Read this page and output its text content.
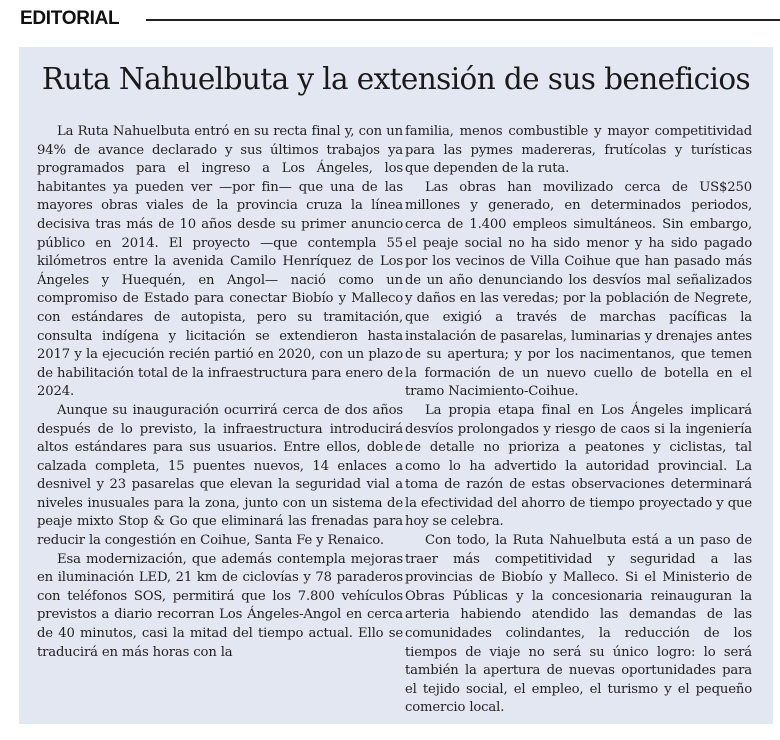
EDITORIAL
Ruta Nahuelbuta y la extensión de sus beneficios

La Ruta Nahuelbuta entró en su recta final y, con un 94% de avance declarado y sus últimos trabajos ya programados para el ingreso a Los Ángeles, los habitantes ya pueden ver —por fin— que una de las mayores obras viales de la provincia cruza la línea decisiva tras más de 10 años desde su primer anuncio público en 2014. El proyecto —que contempla 55 kilómetros entre la avenida Camilo Henríquez de Los Ángeles y Huequén, en Angol— nació como un compromiso de Estado para conectar Biobío y Malleco con estándares de autopista, pero su tramitación, consulta indígena y licitación se extendieron hasta 2017 y la ejecución recién partió en 2020, con un plazo de habilitación total de la infraestructura para enero de 2024.

Aunque su inauguración ocurrirá cerca de dos años después de lo previsto, la infraestructura introducirá altos estándares para sus usuarios. Entre ellos, doble calzada completa, 15 puentes nuevos, 14 enlaces a desnivel y 23 pasarelas que elevan la seguridad vial a niveles inusuales para la zona, junto con un sistema de peaje mixto Stop & Go que eliminará las frenadas para reducir la congestión en Coihue, Santa Fe y Renaico.

Esa modernización, que además contempla mejoras en iluminación LED, 21 km de ciclovías y 78 paraderos con teléfonos SOS, permitirá que los 7.800 vehículos previstos a diario recorran Los Ángeles-Angol en cerca de 40 minutos, casi la mitad del tiempo actual. Ello se traducirá en más horas con la

familia, menos combustible y mayor competitividad para las pymes madereras, frutícolas y turísticas que dependen de la ruta.

Las obras han movilizado cerca de US$250 millones y generado, en determinados periodos, cerca de 1.400 empleos simultáneos. Sin embargo, el peaje social no ha sido menor y ha sido pagado por los vecinos de Villa Coihue que han pasado más de un año denunciando los desvíos mal señalizados y daños en las veredas; por la población de Negrete, que exigió a través de marchas pacíficas la instalación de pasarelas, luminarias y drenajes antes de su apertura; y por los nacimentanos, que temen la formación de un nuevo cuello de botella en el tramo Nacimiento-Coihue.

La propia etapa final en Los Ángeles implicará desvíos prolongados y riesgo de caos si la ingeniería de detalle no prioriza a peatones y ciclistas, tal como lo ha advertido la autoridad provincial. La toma de razón de estas observaciones determinará la efectividad del ahorro de tiempo proyectado y que hoy se celebra.

Con todo, la Ruta Nahuelbuta está a un paso de traer más competitividad y seguridad a las provincias de Biobío y Malleco. Si el Ministerio de Obras Públicas y la concesionaria reinauguran la arteria habiendo atendido las demandas de las comunidades colindantes, la reducción de los tiempos de viaje no será su único logro: lo será también la apertura de nuevas oportunidades para el tejido social, el empleo, el turismo y el pequeño comercio local.
